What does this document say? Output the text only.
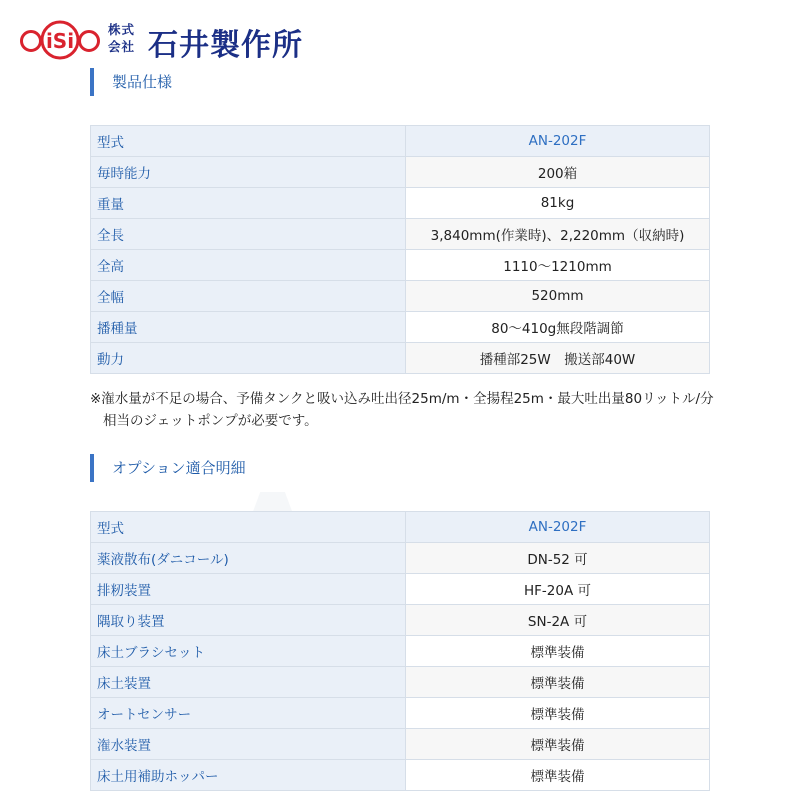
iSi	株式会社 石井製作所
製品仕様
型式	AN-202F
毎時能力	200箱
重量	81kg
全長	3,840mm(作業時)、2,220mm（収納時)
全高	1110〜1210mm
全幅	520mm
播種量	80〜410g無段階調節
動力	播種部25W　搬送部40W

※潅水量が不足の場合、予備タンクと吸い込み吐出径25m/m・全揚程25m・最大吐出量80リットル/分相当のジェットポンプが必要です。

オプション適合明細
型式	AN-202F
薬液散布(ダニコール)	DN-52 可
排籾装置	HF-20A 可
隅取り装置	SN-2A 可
床土ブラシセット	標準装備
床土装置	標準装備
オートセンサー	標準装備
潅水装置	標準装備
床土用補助ホッパー	標準装備
